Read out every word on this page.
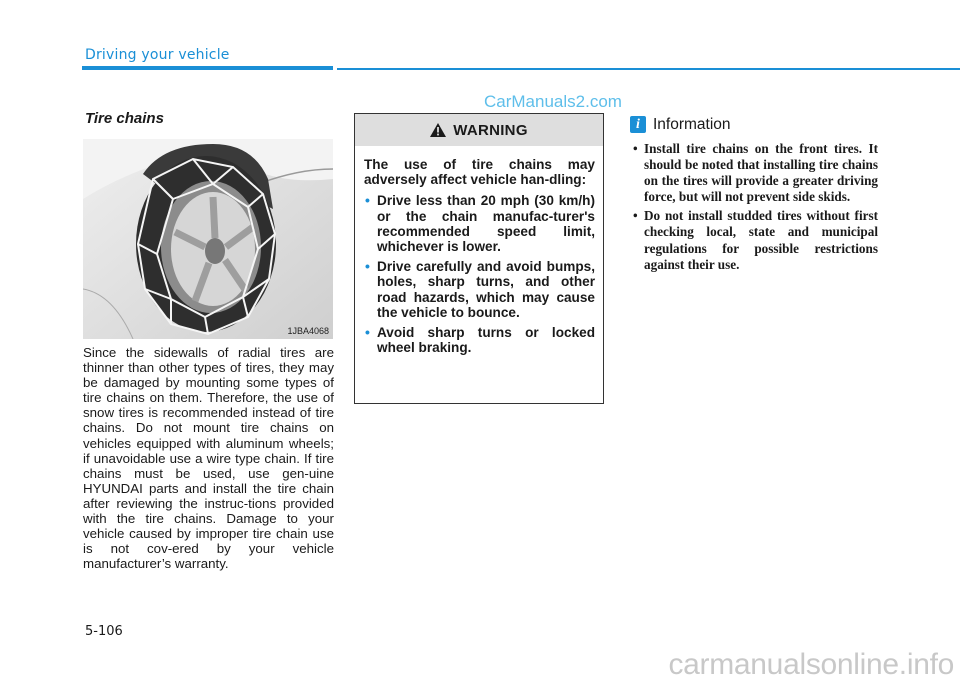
Driving your vehicle
CarManuals2.com
Tire chains
1JBA4068
Since the sidewalls of radial tires are thinner than other types of tires, they may be damaged by mounting some types of tire chains on them. Therefore, the use of snow tires is recommended instead of tire chains. Do not mount tire chains on vehicles equipped with aluminum wheels; if unavoidable use a wire type chain. If tire chains must be used, use gen-uine HYUNDAI parts and install the tire chain after reviewing the instruc-tions provided with the tire chains. Damage to your vehicle caused by improper tire chain use is not cov-ered by your vehicle manufacturer’s warranty.
WARNING

The use of tire chains may adversely affect vehicle han-dling:

• Drive less than 20 mph (30 km/h) or the chain manufac-turer's recommended speed limit, whichever is lower.
• Drive carefully and avoid bumps, holes, sharp turns, and other road hazards, which may cause the vehicle to bounce.
• Avoid sharp turns or locked wheel braking.
i Information
• Install tire chains on the front tires. It should be noted that installing tire chains on the tires will provide a greater driving force, but will not prevent side skids.
• Do not install studded tires without first checking local, state and municipal regulations for possible restrictions against their use.
5-106
carmanualsonline.info
